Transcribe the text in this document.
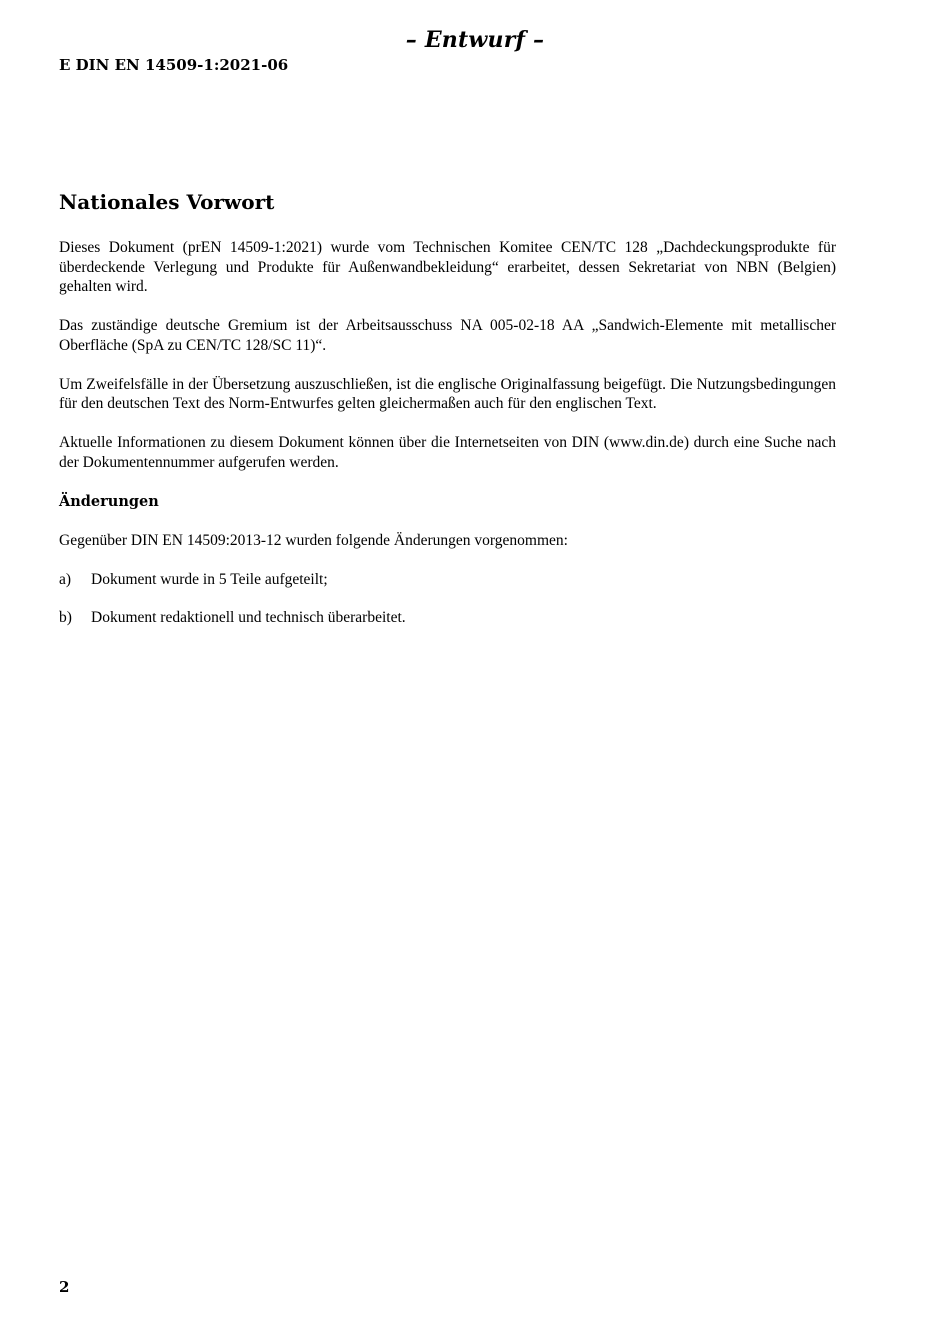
– Entwurf –
E DIN EN 14509-1:2021-06
Nationales Vorwort

Dieses Dokument (prEN 14509-1:2021) wurde vom Technischen Komitee CEN/TC 128 „Dachdeckungsprodukte für überdeckende Verlegung und Produkte für Außenwandbekleidung“ erarbeitet, dessen Sekretariat von NBN (Belgien) gehalten wird.

Das zuständige deutsche Gremium ist der Arbeitsausschuss NA 005-02-18 AA „Sandwich-Elemente mit metallischer Oberfläche (SpA zu CEN/TC 128/SC 11)“.

Um Zweifelsfälle in der Übersetzung auszuschließen, ist die englische Originalfassung beigefügt. Die Nutzungsbedingungen für den deutschen Text des Norm-Entwurfes gelten gleichermaßen auch für den englischen Text.

Aktuelle Informationen zu diesem Dokument können über die Internetseiten von DIN (www.din.de) durch eine Suche nach der Dokumentennummer aufgerufen werden.

Änderungen

Gegenüber DIN EN 14509:2013-12 wurden folgende Änderungen vorgenommen:

a)	Dokument wurde in 5 Teile aufgeteilt;
b)	Dokument redaktionell und technisch überarbeitet.
2
